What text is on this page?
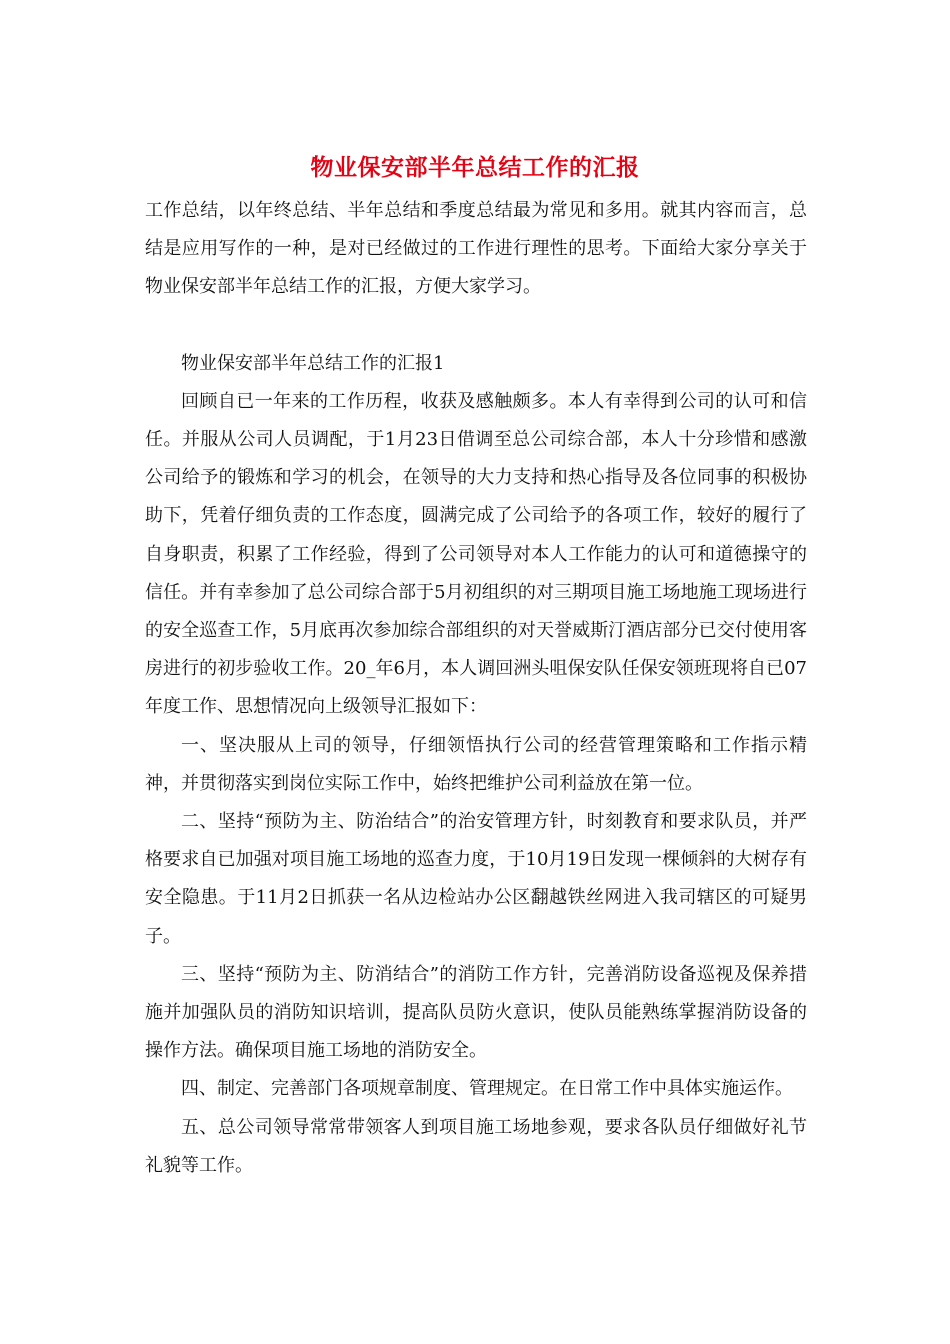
物业保安部半年总结工作的汇报

工作总结，以年终总结、半年总结和季度总结最为常见和多用。就其内容而言，总结是应用写作的一种，是对已经做过的工作进行理性的思考。下面给大家分享关于物业保安部半年总结工作的汇报，方便大家学习。

物业保安部半年总结工作的汇报1

回顾自已一年来的工作历程，收获及感触颇多。本人有幸得到公司的认可和信任。并服从公司人员调配，于1月23日借调至总公司综合部，本人十分珍惜和感激公司给予的锻炼和学习的机会，在领导的大力支持和热心指导及各位同事的积极协助下，凭着仔细负责的工作态度，圆满完成了公司给予的各项工作，较好的履行了自身职责，积累了工作经验，得到了公司领导对本人工作能力的认可和道德操守的信任。并有幸参加了总公司综合部于5月初组织的对三期项目施工场地施工现场进行的安全巡查工作，5月底再次参加综合部组织的对天誉威斯汀酒店部分已交付使用客房进行的初步验收工作。20_年6月，本人调回洲头咀保安队任保安领班现将自已07年度工作、思想情况向上级领导汇报如下：

一、坚决服从上司的领导，仔细领悟执行公司的经营管理策略和工作指示精神，并贯彻落实到岗位实际工作中，始终把维护公司利益放在第一位。

二、坚持“预防为主、防治结合”的治安管理方针，时刻教育和要求队员，并严格要求自已加强对项目施工场地的巡查力度，于10月19日发现一棵倾斜的大树存有安全隐患。于11月2日抓获一名从边检站办公区翻越铁丝网进入我司辖区的可疑男子。

三、坚持“预防为主、防消结合”的消防工作方针，完善消防设备巡视及保养措施并加强队员的消防知识培训，提高队员防火意识，使队员能熟练掌握消防设备的操作方法。确保项目施工场地的消防安全。

四、制定、完善部门各项规章制度、管理规定。在日常工作中具体实施运作。

五、总公司领导常常带领客人到项目施工场地参观，要求各队员仔细做好礼节礼貌等工作。
